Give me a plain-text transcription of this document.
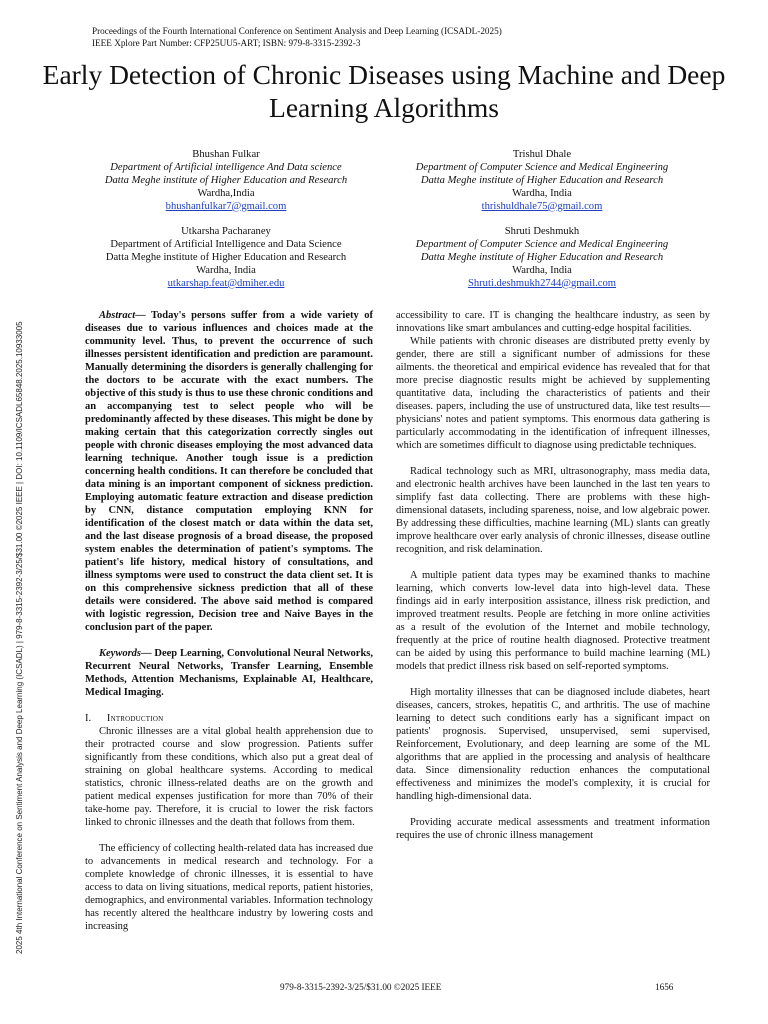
Proceedings of the Fourth International Conference on Sentiment Analysis and Deep Learning (ICSADL-2025)
IEEE Xplore Part Number: CFP25UU5-ART; ISBN: 979-8-3315-2392-3
Early Detection of Chronic Diseases using Machine and Deep Learning Algorithms
Bhushan Fulkar
Department of Artificial intelligence And Data science
Datta Meghe institute of Higher Education and Research
Wardha,India
bhushanfulkar7@gmail.com
Trishul Dhale
Department of Computer Science and Medical Engineering
Datta Meghe institute of Higher Education and Research
Wardha, India
thrishuldhale75@gmail.com
Utkarsha Pacharaney
Department of Artificial Intelligence and Data Science
Datta Meghe institute of Higher Education and Research
Wardha, India
utkarshap.feat@dmiher.edu
Shruti Deshmukh
Department of Computer Science and Medical Engineering
Datta Meghe institute of Higher Education and Research
Wardha, India
Shruti.deshmukh2744@gmail.com
2025 4th International Conference on Sentiment Analysis and Deep Learning (ICSADL) | 979-8-3315-2392-3/25/$31.00 ©2025 IEEE | DOI: 10.1109/ICSADL65848.2025.10933005

Abstract— Today's persons suffer from a wide variety of diseases due to various influences and choices made at the community level. Thus, to prevent the occurrence of such illnesses persistent identification and prediction are paramount. Manually determining the disorders is generally challenging for the doctors to be accurate with the exact numbers. The objective of this study is thus to use these chronic conditions and an accompanying test to select people who will be predominantly affected by these diseases. This might be done by making certain that this categorization correctly singles out people with chronic diseases employing the most advanced data learning technique. Another tough issue is a prediction concerning health conditions. It can therefore be concluded that data mining is an important component of sickness prediction. Employing automatic feature extraction and disease prediction by CNN, distance computation employing KNN for identification of the closest match or data within the data set, and the last disease prognosis of a broad disease, the proposed system enables the determination of patient's symptoms. The patient's life history, medical history of consultations, and illness symptoms were used to construct the data client set. It is on this comprehensive sickness prediction that all of these details were considered. The above said method is compared with logistic regression, Decision tree and Naive Bayes in the conclusion part of the paper.

Keywords— Deep Learning, Convolutional Neural Networks, Recurrent Neural Networks, Transfer Learning, Ensemble Methods, Attention Mechanisms, Explainable AI, Healthcare, Medical Imaging.

I. Introduction

Chronic illnesses are a vital global health apprehension due to their protracted course and slow progression. Patients suffer significantly from these conditions, which also put a great deal of straining on global healthcare systems. According to medical statistics, chronic illness-related deaths are on the growth and patient medical expenses justification for more than 70% of their take-home pay. Therefore, it is crucial to lower the risk factors linked to chronic illnesses and the death that follows from them.

The efficiency of collecting health-related data has increased due to advancements in medical research and technology. For a complete knowledge of chronic illnesses, it is essential to have access to data on living situations, medical reports, patient histories, demographics, and environmental variables. Information technology has recently altered the healthcare industry by lowering costs and increasing

accessibility to care. IT is changing the healthcare industry, as seen by innovations like smart ambulances and cutting-edge hospital facilities.

While patients with chronic diseases are distributed pretty evenly by gender, there are still a significant number of admissions for these ailments. the theoretical and empirical evidence has revealed that for that more precise diagnostic results might be achieved by supplementing quantitative data, including the characteristics of patients and their diseases. papers, including the use of unstructured data, like test results—physicians' notes and patient symptoms. This enormous data gathering is particularly accommodating in the identification of infrequent illnesses, which are sometimes difficult to diagnose using predictable techniques.

Radical technology such as MRI, ultrasonography, mass media data, and electronic health archives have been launched in the last ten years to simplify fast data collecting. There are problems with these high-dimensional datasets, including spareness, noise, and low algebraic power. By addressing these difficulties, machine learning (ML) slants can greatly improve healthcare over early analysis of chronic illnesses, disease outline recognition, and risk delamination.

A multiple patient data types may be examined thanks to machine learning, which converts low-level data into high-level data. These findings aid in early interposition assistance, illness risk prediction, and improved treatment results. People are fetching in more online activities as a result of the evolution of the Internet and mobile technology, frequently at the price of routine health diagnosed. Protective treatment can be aided by using this performance to build machine learning (ML) models that predict illness risk based on self-reported symptoms.

High mortality illnesses that can be diagnosed include diabetes, heart diseases, cancers, strokes, hepatitis C, and arthritis. The use of machine learning to detect such conditions early has a significant impact on patients' prognosis. Supervised, unsupervised, semi supervised, Reinforcement, Evolutionary, and deep learning are some of the ML algorithms that are applied in the processing and analysis of healthcare data. Since dimensionality reduction enhances the computational effectiveness and minimizes the model's complexity, it is crucial for handling high-dimensional data.

Providing accurate medical assessments and treatment information requires the use of chronic illness management

979-8-3315-2392-3/25/$31.00 ©2025 IEEE	1656
